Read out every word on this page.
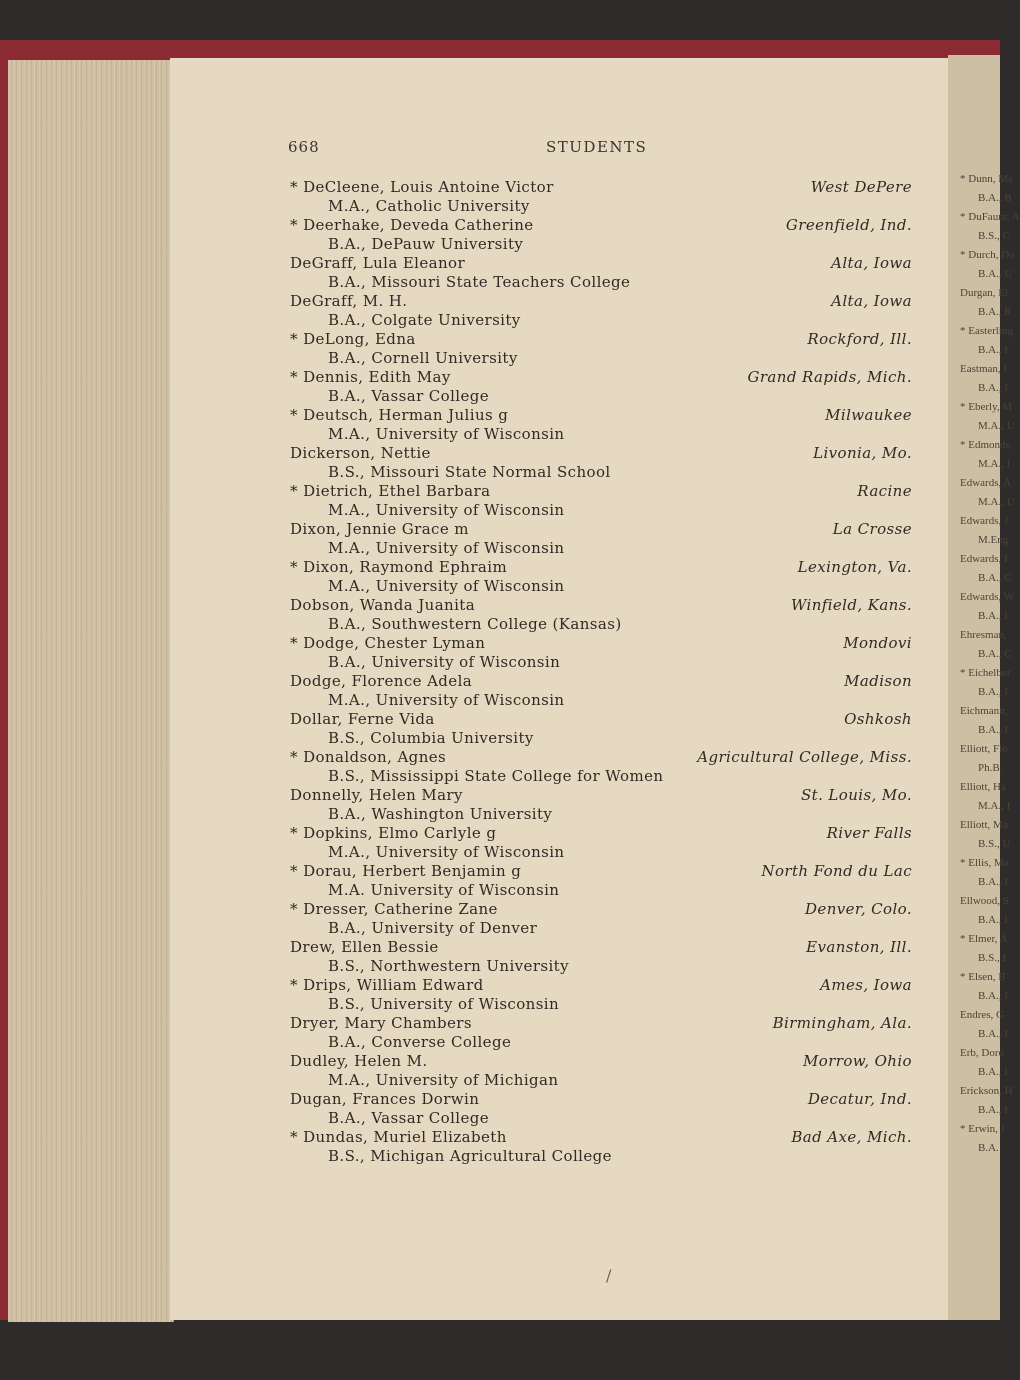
668	STUDENTS
* DeCleene, Louis Antoine Victor	West DePere
M.A., Catholic University
* Deerhake, Deveda Catherine	Greenfield, Ind.
B.A., DePauw University
DeGraff, Lula Eleanor	Alta, Iowa
B.A., Missouri State Teachers College
DeGraff, M. H.	Alta, Iowa
B.A., Colgate University
* DeLong, Edna	Rockford, Ill.
B.A., Cornell University
* Dennis, Edith May	Grand Rapids, Mich.
B.A., Vassar College
* Deutsch, Herman Julius g	Milwaukee
M.A., University of Wisconsin
Dickerson, Nettie	Livonia, Mo.
B.S., Missouri State Normal School
* Dietrich, Ethel Barbara	Racine
M.A., University of Wisconsin
Dixon, Jennie Grace m	La Crosse
M.A., University of Wisconsin
* Dixon, Raymond Ephraim	Lexington, Va.
M.A., University of Wisconsin
Dobson, Wanda Juanita	Winfield, Kans.
B.A., Southwestern College (Kansas)
* Dodge, Chester Lyman	Mondovi
B.A., University of Wisconsin
Dodge, Florence Adela	Madison
M.A., University of Wisconsin
Dollar, Ferne Vida	Oshkosh
B.S., Columbia University
* Donaldson, Agnes	Agricultural College, Miss.
B.S., Mississippi State College for Women
Donnelly, Helen Mary	St. Louis, Mo.
B.A., Washington University
* Dopkins, Elmo Carlyle g	River Falls
M.A., University of Wisconsin
* Dorau, Herbert Benjamin g	North Fond du Lac
M.A. University of Wisconsin
* Dresser, Catherine Zane	Denver, Colo.
B.A., University of Denver
Drew, Ellen Bessie	Evanston, Ill.
B.S., Northwestern University
* Drips, William Edward	Ames, Iowa
B.S., University of Wisconsin
Dryer, Mary Chambers	Birmingham, Ala.
B.A., Converse College
Dudley, Helen M.	Morrow, Ohio
M.A., University of Michigan
Dugan, Frances Dorwin	Decatur, Ind.
B.A., Vassar College
* Dundas, Muriel Elizabeth	Bad Axe, Mich.
B.S., Michigan Agricultural College
/
* Dunn, Ma
B.A., B
* DuFaunt, A
B.S., C
* Durch, Do
B.A., U
Durgan, El
B.A., R
* Easterling
B.A., I
Eastman, I
B.A., I
* Eberly, M
M.A., U
* Edmonds,
M.A., I
Edwards, A
M.A., U
Edwards, J
M.Eng
Edwards, I
B.A., C
Edwards, W
B.A., I
Ehresman,
B.A., C
* Eichelber
B.A., I
Eichmann,
B.A., I
Elliott, Flo
Ph.B.
Elliott, Ha
M.A., I
Elliott, Ma
B.S., U
* Ellis, Ma
B.A., I
Ellwood, S
B.A., I
* Elmer, A
B.S., I
* Elsen, B
B.A., I
Endres, G
B.A., I
Erb, Doro
B.A., I
Erickson, H
B.A., I
* Erwin, J
B.A.
